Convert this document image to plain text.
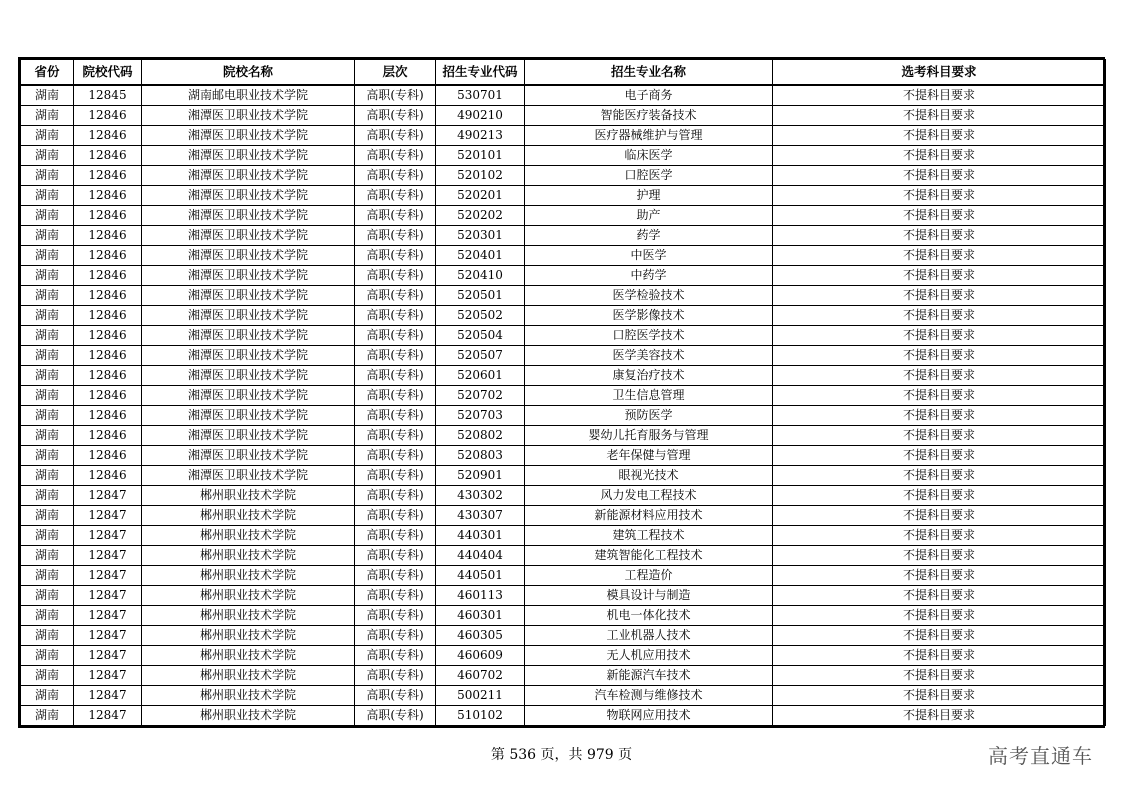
省份	院校代码	院校名称	层次	招生专业代码	招生专业名称	选考科目要求
湖南	12845	湖南邮电职业技术学院	高职(专科)	530701	电子商务	不提科目要求
湖南	12846	湘潭医卫职业技术学院	高职(专科)	490210	智能医疗装备技术	不提科目要求
湖南	12846	湘潭医卫职业技术学院	高职(专科)	490213	医疗器械维护与管理	不提科目要求
湖南	12846	湘潭医卫职业技术学院	高职(专科)	520101	临床医学	不提科目要求
湖南	12846	湘潭医卫职业技术学院	高职(专科)	520102	口腔医学	不提科目要求
湖南	12846	湘潭医卫职业技术学院	高职(专科)	520201	护理	不提科目要求
湖南	12846	湘潭医卫职业技术学院	高职(专科)	520202	助产	不提科目要求
湖南	12846	湘潭医卫职业技术学院	高职(专科)	520301	药学	不提科目要求
湖南	12846	湘潭医卫职业技术学院	高职(专科)	520401	中医学	不提科目要求
湖南	12846	湘潭医卫职业技术学院	高职(专科)	520410	中药学	不提科目要求
湖南	12846	湘潭医卫职业技术学院	高职(专科)	520501	医学检验技术	不提科目要求
湖南	12846	湘潭医卫职业技术学院	高职(专科)	520502	医学影像技术	不提科目要求
湖南	12846	湘潭医卫职业技术学院	高职(专科)	520504	口腔医学技术	不提科目要求
湖南	12846	湘潭医卫职业技术学院	高职(专科)	520507	医学美容技术	不提科目要求
湖南	12846	湘潭医卫职业技术学院	高职(专科)	520601	康复治疗技术	不提科目要求
湖南	12846	湘潭医卫职业技术学院	高职(专科)	520702	卫生信息管理	不提科目要求
湖南	12846	湘潭医卫职业技术学院	高职(专科)	520703	预防医学	不提科目要求
湖南	12846	湘潭医卫职业技术学院	高职(专科)	520802	婴幼儿托育服务与管理	不提科目要求
湖南	12846	湘潭医卫职业技术学院	高职(专科)	520803	老年保健与管理	不提科目要求
湖南	12846	湘潭医卫职业技术学院	高职(专科)	520901	眼视光技术	不提科目要求
湖南	12847	郴州职业技术学院	高职(专科)	430302	风力发电工程技术	不提科目要求
湖南	12847	郴州职业技术学院	高职(专科)	430307	新能源材料应用技术	不提科目要求
湖南	12847	郴州职业技术学院	高职(专科)	440301	建筑工程技术	不提科目要求
湖南	12847	郴州职业技术学院	高职(专科)	440404	建筑智能化工程技术	不提科目要求
湖南	12847	郴州职业技术学院	高职(专科)	440501	工程造价	不提科目要求
湖南	12847	郴州职业技术学院	高职(专科)	460113	模具设计与制造	不提科目要求
湖南	12847	郴州职业技术学院	高职(专科)	460301	机电一体化技术	不提科目要求
湖南	12847	郴州职业技术学院	高职(专科)	460305	工业机器人技术	不提科目要求
湖南	12847	郴州职业技术学院	高职(专科)	460609	无人机应用技术	不提科目要求
湖南	12847	郴州职业技术学院	高职(专科)	460702	新能源汽车技术	不提科目要求
湖南	12847	郴州职业技术学院	高职(专科)	500211	汽车检测与维修技术	不提科目要求
湖南	12847	郴州职业技术学院	高职(专科)	510102	物联网应用技术	不提科目要求
第 536 页，共 979 页	高考直通车
